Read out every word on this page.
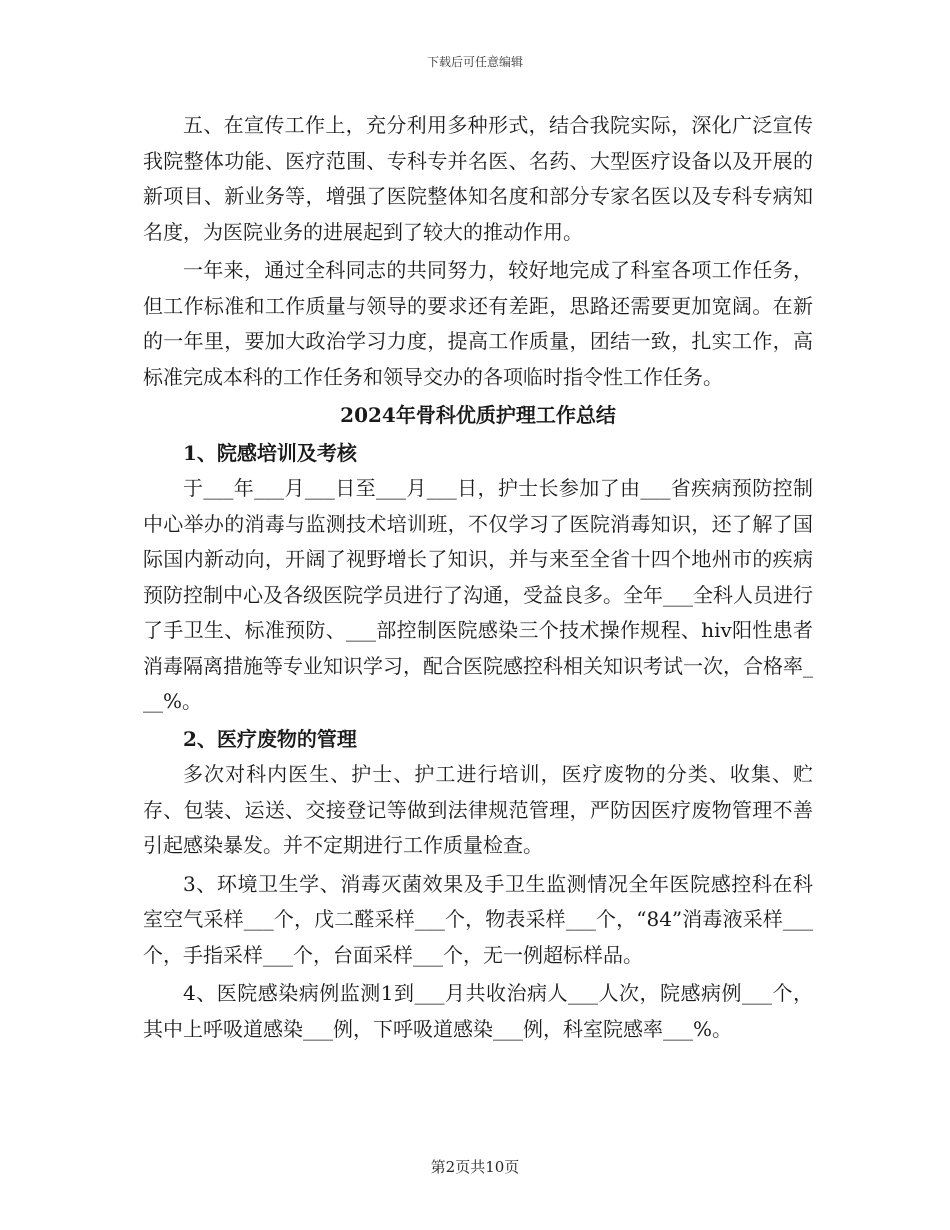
下载后可任意编辑

五、在宣传工作上，充分利用多种形式，结合我院实际，深化广泛宣传我院整体功能、医疗范围、专科专并名医、名药、大型医疗设备以及开展的新项目、新业务等，增强了医院整体知名度和部分专家名医以及专科专病知名度，为医院业务的进展起到了较大的推动作用。

一年来，通过全科同志的共同努力，较好地完成了科室各项工作任务，但工作标准和工作质量与领导的要求还有差距，思路还需要更加宽阔。在新的一年里，要加大政治学习力度，提高工作质量，团结一致，扎实工作，高标准完成本科的工作任务和领导交办的各项临时指令性工作任务。

2024年骨科优质护理工作总结

1、院感培训及考核

于___年___月___日至___月___日，护士长参加了由___省疾病预防控制中心举办的消毒与监测技术培训班，不仅学习了医院消毒知识，还了解了国际国内新动向，开阔了视野增长了知识，并与来至全省十四个地州市的疾病预防控制中心及各级医院学员进行了沟通，受益良多。全年___全科人员进行了手卫生、标准预防、___部控制医院感染三个技术操作规程、hiv阳性患者消毒隔离措施等专业知识学习，配合医院感控科相关知识考试一次，合格率___%。

2、医疗废物的管理

多次对科内医生、护士、护工进行培训，医疗废物的分类、收集、贮存、包装、运送、交接登记等做到法律规范管理，严防因医疗废物管理不善引起感染暴发。并不定期进行工作质量检查。

3、环境卫生学、消毒灭菌效果及手卫生监测情况全年医院感控科在科室空气采样___个，戊二醛采样___个，物表采样___个，“84”消毒液采样___个，手指采样___个，台面采样___个，无一例超标样品。

4、医院感染病例监测1到___月共收治病人___人次，院感病例___个，其中上呼吸道感染___例，下呼吸道感染___例，科室院感率___%。

第2页共10页
